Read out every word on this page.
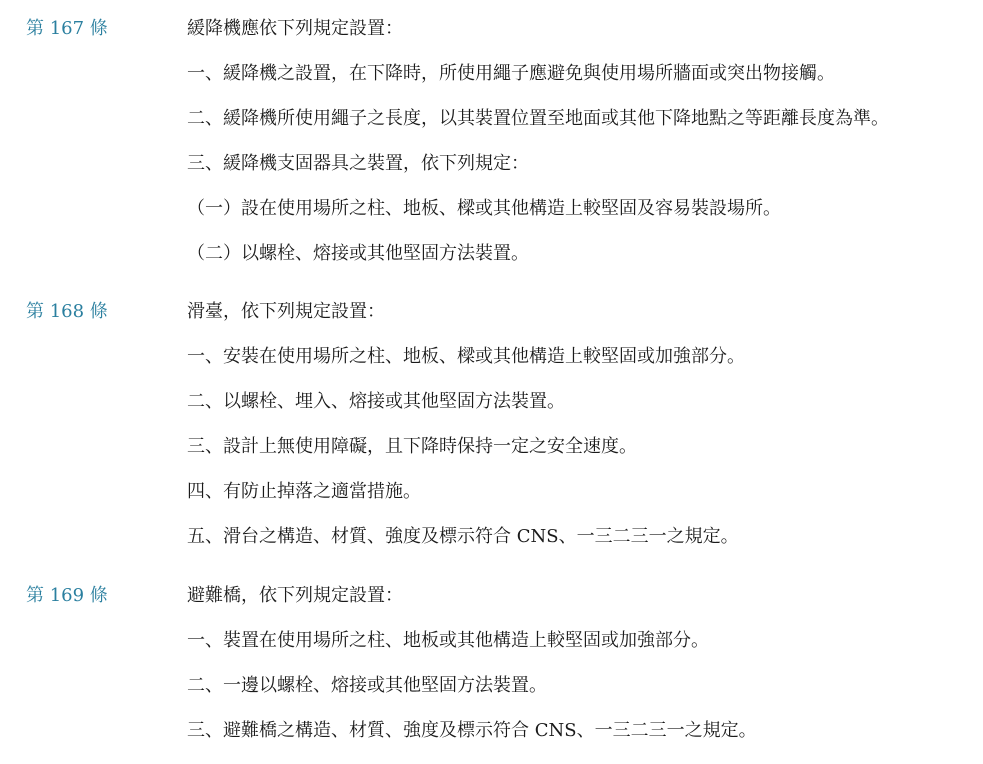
第 167 條	緩降機應依下列規定設置：
一、緩降機之設置，在下降時，所使用繩子應避免與使用場所牆面或突出物接觸。
二、緩降機所使用繩子之長度，以其裝置位置至地面或其他下降地點之等距離長度為準。
三、緩降機支固器具之裝置，依下列規定：
（一）設在使用場所之柱、地板、樑或其他構造上較堅固及容易裝設場所。
（二）以螺栓、熔接或其他堅固方法裝置。
第 168 條	滑臺，依下列規定設置：
一、安裝在使用場所之柱、地板、樑或其他構造上較堅固或加強部分。
二、以螺栓、埋入、熔接或其他堅固方法裝置。
三、設計上無使用障礙，且下降時保持一定之安全速度。
四、有防止掉落之適當措施。
五、滑台之構造、材質、強度及標示符合 CNS、一三二三一之規定。
第 169 條	避難橋，依下列規定設置：
一、裝置在使用場所之柱、地板或其他構造上較堅固或加強部分。
二、一邊以螺栓、熔接或其他堅固方法裝置。
三、避難橋之構造、材質、強度及標示符合 CNS、一三二三一之規定。
